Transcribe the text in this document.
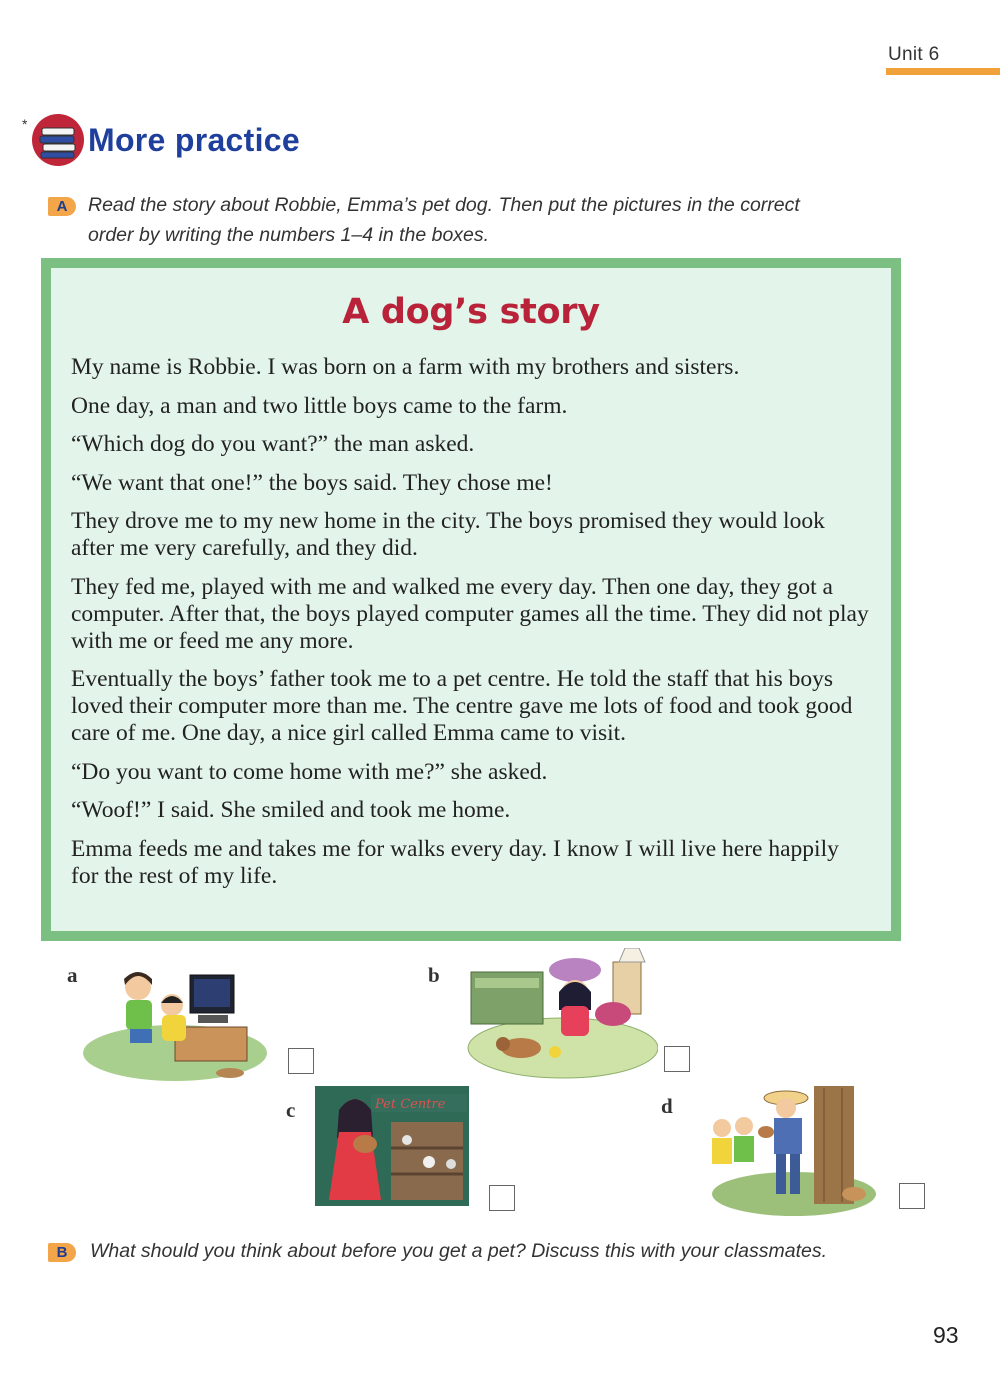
Unit 6
* More practice
A	Read the story about Robbie, Emma’s pet dog. Then put the pictures in the correct
order by writing the numbers 1–4 in the boxes.
A dog’s story

My name is Robbie. I was born on a farm with my brothers and sisters.

One day, a man and two little boys came to the farm.

“Which dog do you want?” the man asked.

“We want that one!” the boys said. They chose me!

They drove me to my new home in the city. The boys promised they would look after me very carefully, and they did.

They fed me, played with me and walked me every day. Then one day, they got a computer. After that, the boys played computer games all the time. They did not play with me or feed me any more.

Eventually the boys’ father took me to a pet centre. He told the staff that his boys loved their computer more than me. The centre gave me lots of food and took good care of me. One day, a nice girl called Emma came to visit.

“Do you want to come home with me?” she asked.

“Woof!” I said. She smiled and took me home.

Emma feeds me and takes me for walks every day. I know I will live here happily for the rest of my life.

a	b
c	Pet Centre	d
B	What should you think about before you get a pet? Discuss this with your classmates.
93
